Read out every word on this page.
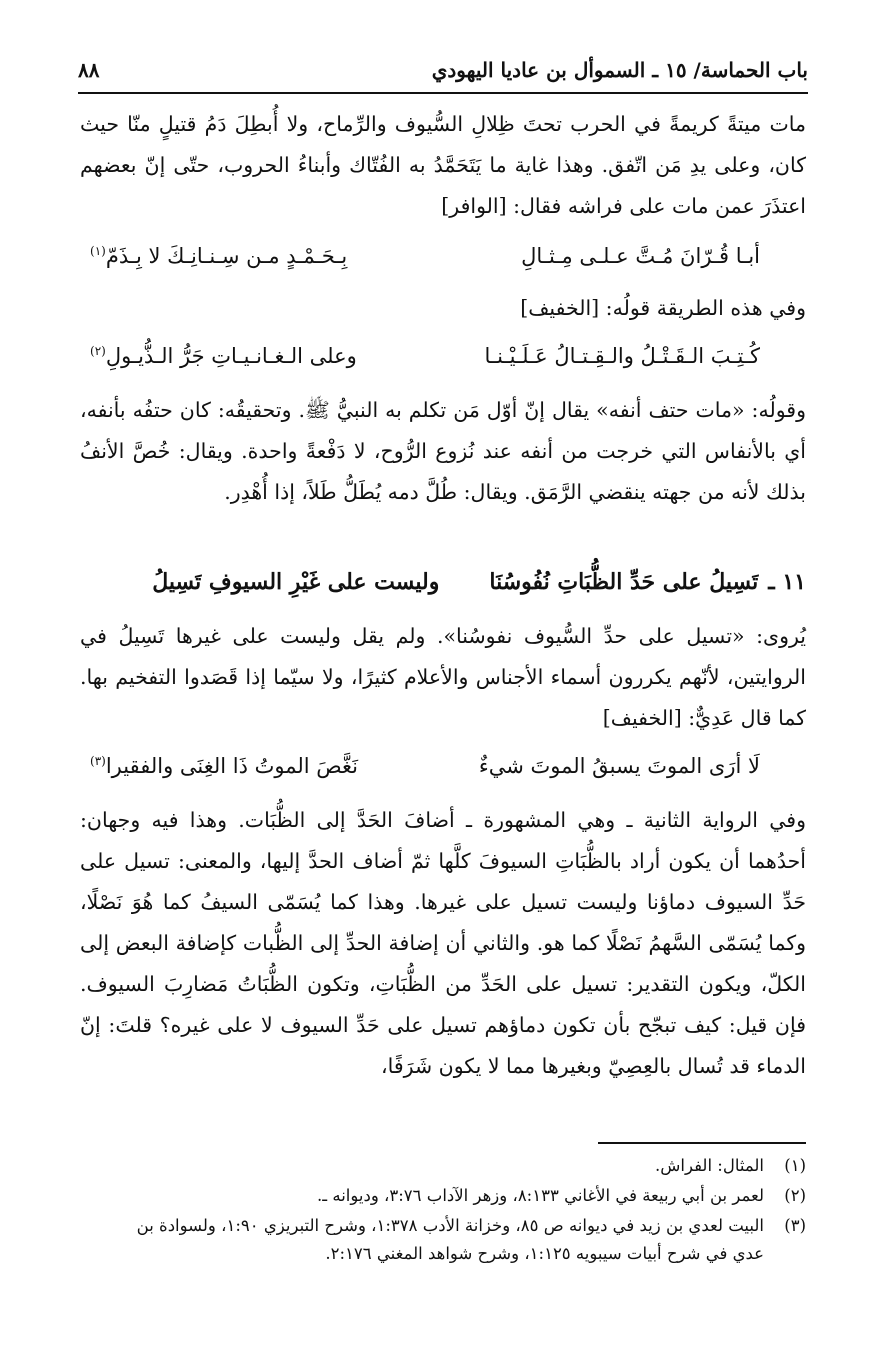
باب الحماسة/ ١٥ ـ السموأل بن عاديا اليهودي
٨٨
مات ميتةً كريمةً في الحرب تحتَ ظِلالِ السُّيوف والرِّماح، ولا أُبطِلَ دَمُ قتيلٍ منّا حيث كان، وعلى يدِ مَن اتّفق. وهذا غاية ما يَتَحَمَّدُ به الفُتّاك وأبناءُ الحروب، حتّى إنّ بعضهم اعتذَرَ عمن مات على فراشه فقال: [الوافر]
أبـا قُـرّانَ مُـتَّ عـلـى مِـثـالِ
بِـحَـمْـدٍ مـن سِـنـانِـكَ لا بِـذَمّ$^{(١)}$
وفي هذه الطريقة قولُه: [الخفيف]
كُـتِـبَ الـقَـتْـلُ والـقِـتـالُ عَـلَـيْـنـا
وعلى الـغـانـيـاتِ جَرُّ الـذُّيـولِ$^{(٢)}$
وقولُه: «مات حتف أنفه» يقال إنّ أوّل مَن تكلم به النبيُّ ﷺ. وتحقيقُه: كان حتفُه بأنفه، أي بالأنفاس التي خرجت من أنفه عند نُزوع الرُّوح، لا دَفْعةً واحدة. ويقال: خُصَّ الأنفُ بذلك لأنه من جهته ينقضي الرَّمَق. ويقال: طُلَّ دمه يُطَلُّ طَلاً، إذا أُهْدِر.
١١ ـ
تَسِيلُ على حَدِّ الظُّبَاتِ نُفُوسُنَا
وليست على غَيْرِ السيوفِ تَسِيلُ
يُروى: «تسيل على حدِّ السُّيوف نفوسُنا». ولم يقل وليست على غيرها تَسِيلُ في الروايتين، لأنّهم يكررون أسماء الأجناس والأعلام كثيرًا، ولا سيّما إذا قَصَدوا التفخيم بها. كما قال عَدِيٌّ: [الخفيف]
لَا أرَى الموتَ يسبقُ الموتَ شيءٌ
نَغَّصَ الموتُ ذَا الغِنَى والفقيرا$^{(٣)}$
وفي الرواية الثانية ـ وهي المشهورة ـ أضافَ الحَدَّ إلى الظُّبَات. وهذا فيه وجهان: أحدُهما أن يكون أراد بالظُّبَاتِ السيوفَ كلَّها ثمّ أضاف الحدَّ إليها، والمعنى: تسيل على حَدِّ السيوف دماؤنا وليست تسيل على غيرها. وهذا كما يُسَمّى السيفُ كما هُوَ نَصْلًا، وكما يُسَمّى السَّهمُ نَصْلًا كما هو. والثاني أن إضافة الحدِّ إلى الظُّبات كإضافة البعض إلى الكلّ، ويكون التقدير: تسيل على الحَدِّ من الظُّبَاتِ، وتكون الظُّبَاتُ مَضارِبَ السيوف. فإن قيل: كيف تبجّح بأن تكون دماؤهم تسيل على حَدِّ السيوف لا على غيره؟ قلتَ: إنّ الدماء قد تُسال بالعِصِيّ وبغيرها مما لا يكون شَرَفًا،
(١)
المثال: الفراش.
(٢)
لعمر بن أبي ربيعة في الأغاني ٨:١٣٣، وزهر الآداب ٣:٧٦، وديوانه ـ.
(٣)
البيت لعدي بن زيد في ديوانه ص ٨٥، وخزانة الأدب ١:٣٧٨، وشرح التبريزي ١:٩٠، ولسوادة بن عدي في شرح أبيات سيبويه ١:١٢٥، وشرح شواهد المغني ٢:١٧٦.
